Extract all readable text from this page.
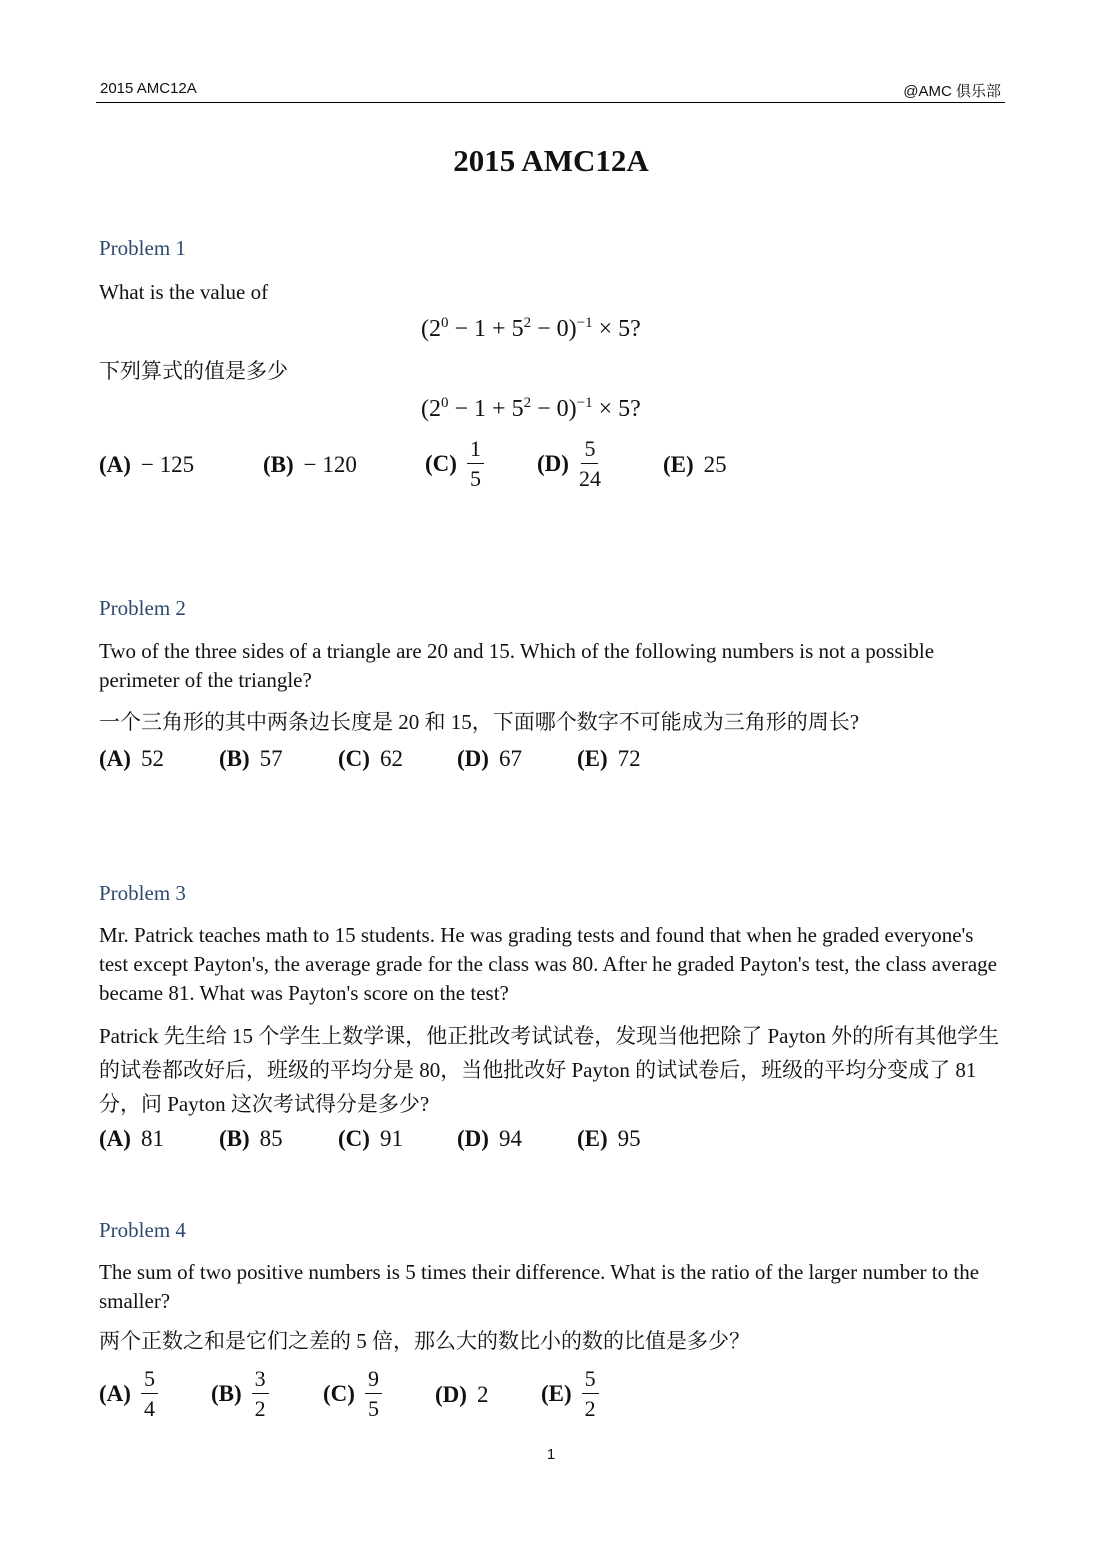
2015 AMC12A	@AMC 俱乐部
2015 AMC12A
Problem 1
What is the value of
$(2^0 - 1 + 5^2 - 0)^{-1} \times 5$?
下列算式的值是多少
$(2^0 - 1 + 5^2 - 0)^{-1} \times 5$?
(A) − 125	(B) − 120	$(C) \frac{1}{5} (D) \frac{5}{24}$	(E) 25
Problem 2
Two of the three sides of a triangle are 20 and 15. Which of the following numbers is not a possible perimeter of the triangle?
一个三角形的其中两条边长度是 20 和 15，下面哪个数字不可能成为三角形的周长?
(A) 52 (B) 57 (C) 62 (D) 67 (E) 72
Problem 3
Mr. Patrick teaches math to 15 students. He was grading tests and found that when he graded everyone's test except Payton's, the average grade for the class was 80. After he graded Payton's test, the class average became 81. What was Payton's score on the test?
Patrick 先生给 15 个学生上数学课，他正批改考试试卷，发现当他把除了 Payton 外的所有其他学生的试卷都改好后，班级的平均分是 80，当他批改好 Payton 的试试卷后，班级的平均分变成了 81 分，问 Payton 这次考试得分是多少?
(A) 81 (B) 85 (C) 91 (D) 94 (E) 95
Problem 4
The sum of two positive numbers is 5 times their difference. What is the ratio of the larger number to the smaller?
两个正数之和是它们之差的 5 倍，那么大的数比小的数的比值是多少？
$(A) \frac{5}{4} (B) \frac{3}{2} (C) \frac{9}{5} (D)$ 2 $(E) \frac{5}{2}$
1
